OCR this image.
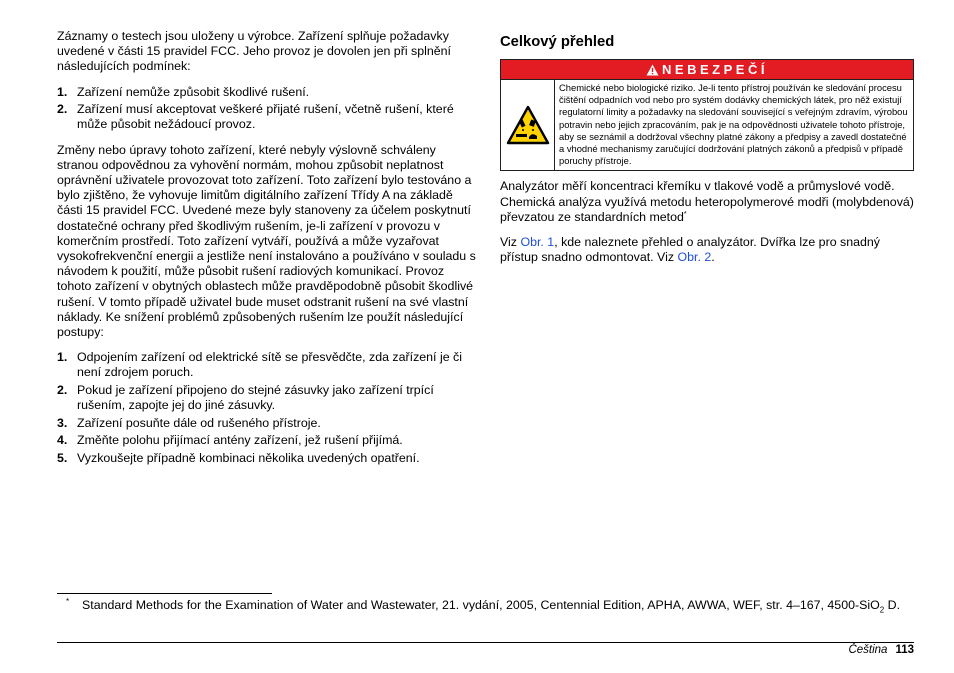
Záznamy o testech jsou uloženy u výrobce. Zařízení splňuje požadavky uvedené v části 15 pravidel FCC. Jeho provoz je dovolen jen při splnění následujících podmínek:

1. Zařízení nemůže způsobit škodlivé rušení.
2. Zařízení musí akceptovat veškeré přijaté rušení, včetně rušení, které může působit nežádoucí provoz.

Změny nebo úpravy tohoto zařízení, které nebyly výslovně schváleny stranou odpovědnou za vyhovění normám, mohou způsobit neplatnost oprávnění uživatele provozovat toto zařízení. Toto zařízení bylo testováno a bylo zjištěno, že vyhovuje limitům digitálního zařízení Třídy A na základě části 15 pravidel FCC. Uvedené meze byly stanoveny za účelem poskytnutí dostatečné ochrany před škodlivým rušením, je-li zařízení v provozu v komerčním prostředí. Toto zařízení vytváří, používá a může vyzařovat vysokofrekvenční energii a jestliže není instalováno a používáno v souladu s návodem k použití, může působit rušení radiových komunikací. Provoz tohoto zařízení v obytných oblastech může pravděpodobně působit škodlivé rušení. V tomto případě uživatel bude muset odstranit rušení na své vlastní náklady. Ke snížení problémů způsobených rušením lze použít následující postupy:

1. Odpojením zařízení od elektrické sítě se přesvědčte, zda zařízení je či není zdrojem poruch.
2. Pokud je zařízení připojeno do stejné zásuvky jako zařízení trpící rušením, zapojte jej do jiné zásuvky.
3. Zařízení posuňte dále od rušeného přístroje.
4. Změňte polohu přijímací antény zařízení, jež rušení přijímá.
5. Vyzkoušejte případně kombinaci několika uvedených opatření.
Celkový přehled
NEBEZPEČÍ
Chemické nebo biologické riziko. Je-li tento přístroj používán ke sledování procesu čištění odpadních vod nebo pro systém dodávky chemických látek, pro něž existují regulatorní limity a požadavky na sledování související s veřejným zdravím, výrobou potravin nebo jejich zpracováním, pak je na odpovědnosti uživatele tohoto přístroje, aby se seznámil a dodržoval všechny platné zákony a předpisy a zavedl dostatečné a vhodné mechanismy zaručující dodržování platných zákonů a předpisů v případě poruchy přístroje.

Analyzátor měří koncentraci křemíku v tlakové vodě a průmyslové vodě. Chemická analýza využívá metodu heteropolymerové modři (molybdenová) převzatou ze standardních metod*

Viz Obr. 1, kde naleznete přehled o analyzátor. Dvířka lze pro snadný přístup snadno odmontovat. Viz Obr. 2.

*	Standard Methods for the Examination of Water and Wastewater, 21. vydání, 2005, Centennial Edition, APHA, AWWA, WEF, str. 4–167, 4500-SiO$_2$ D.
Čeština 113
